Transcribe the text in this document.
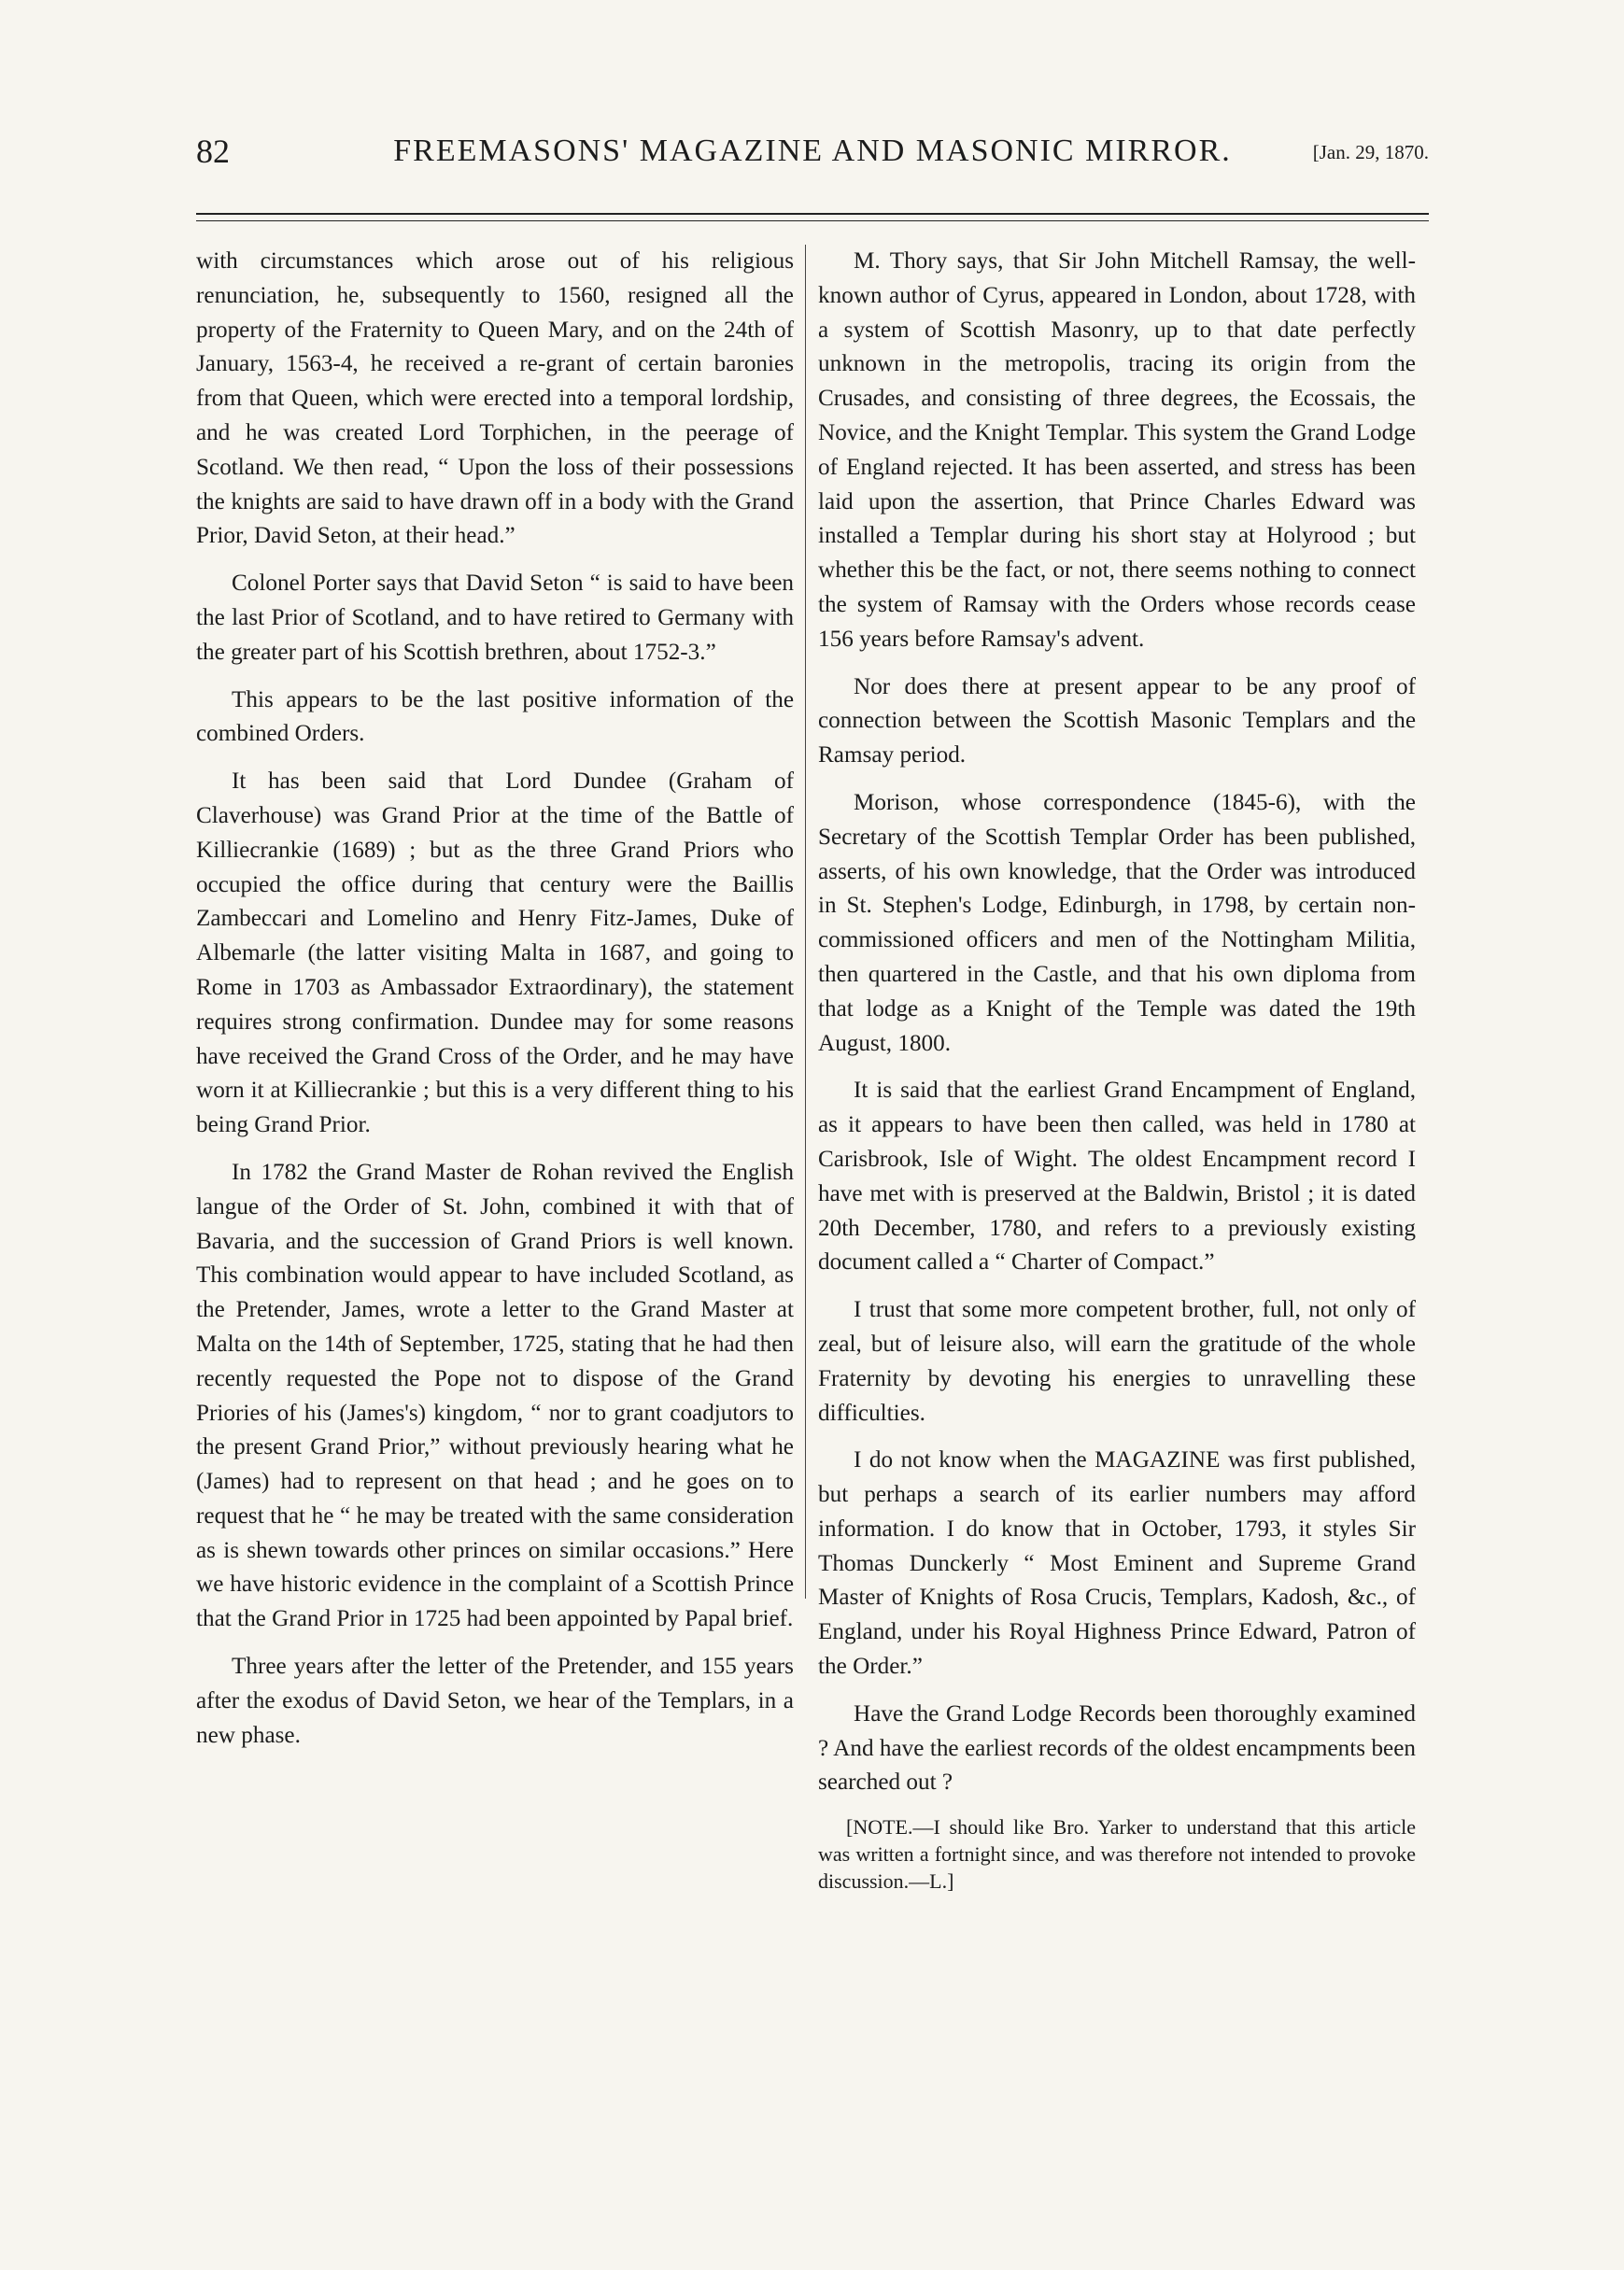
82	FREEMASONS' MAGAZINE AND MASONIC MIRROR.	[Jan. 29, 1870.

with circumstances which arose out of his religious renunciation, he, subsequently to 1560, resigned all the property of the Fraternity to Queen Mary, and on the 24th of January, 1563-4, he received a re-grant of certain baronies from that Queen, which were erected into a temporal lordship, and he was created Lord Torphichen, in the peerage of Scotland. We then read, “ Upon the loss of their possessions the knights are said to have drawn off in a body with the Grand Prior, David Seton, at their head.”

Colonel Porter says that David Seton “ is said to have been the last Prior of Scotland, and to have retired to Germany with the greater part of his Scottish brethren, about 1752-3.”

This appears to be the last positive information of the combined Orders.

It has been said that Lord Dundee (Graham of Claverhouse) was Grand Prior at the time of the Battle of Killiecrankie (1689) ; but as the three Grand Priors who occupied the office during that century were the Baillis Zambeccari and Lomelino and Henry Fitz-James, Duke of Albemarle (the latter visiting Malta in 1687, and going to Rome in 1703 as Ambassador Extraordinary), the statement requires strong confirmation. Dundee may for some reasons have received the Grand Cross of the Order, and he may have worn it at Killiecrankie ; but this is a very different thing to his being Grand Prior.

In 1782 the Grand Master de Rohan revived the English langue of the Order of St. John, combined it with that of Bavaria, and the succession of Grand Priors is well known. This combination would appear to have included Scotland, as the Pretender, James, wrote a letter to the Grand Master at Malta on the 14th of September, 1725, stating that he had then recently requested the Pope not to dispose of the Grand Priories of his (James's) kingdom, “ nor to grant coadjutors to the present Grand Prior,” without previously hearing what he (James) had to represent on that head ; and he goes on to request that he “ he may be treated with the same consideration as is shewn towards other princes on similar occasions.” Here we have historic evidence in the complaint of a Scottish Prince that the Grand Prior in 1725 had been appointed by Papal brief.

Three years after the letter of the Pretender, and 155 years after the exodus of David Seton, we hear of the Templars, in a new phase.

M. Thory says, that Sir John Mitchell Ramsay, the well-known author of Cyrus, appeared in London, about 1728, with a system of Scottish Masonry, up to that date perfectly unknown in the metropolis, tracing its origin from the Crusades, and consisting of three degrees, the Ecossais, the Novice, and the Knight Templar. This system the Grand Lodge of England rejected. It has been asserted, and stress has been laid upon the assertion, that Prince Charles Edward was installed a Templar during his short stay at Holyrood ; but whether this be the fact, or not, there seems nothing to connect the system of Ramsay with the Orders whose records cease 156 years before Ramsay's advent.

Nor does there at present appear to be any proof of connection between the Scottish Masonic Templars and the Ramsay period.

Morison, whose correspondence (1845-6), with the Secretary of the Scottish Templar Order has been published, asserts, of his own knowledge, that the Order was introduced in St. Stephen's Lodge, Edinburgh, in 1798, by certain non-commissioned officers and men of the Nottingham Militia, then quartered in the Castle, and that his own diploma from that lodge as a Knight of the Temple was dated the 19th August, 1800.

It is said that the earliest Grand Encampment of England, as it appears to have been then called, was held in 1780 at Carisbrook, Isle of Wight. The oldest Encampment record I have met with is preserved at the Baldwin, Bristol ; it is dated 20th December, 1780, and refers to a previously existing document called a “ Charter of Compact.”

I trust that some more competent brother, full, not only of zeal, but of leisure also, will earn the gratitude of the whole Fraternity by devoting his energies to unravelling these difficulties.

I do not know when the MAGAZINE was first published, but perhaps a search of its earlier numbers may afford information. I do know that in October, 1793, it styles Sir Thomas Dunckerly “ Most Eminent and Supreme Grand Master of Knights of Rosa Crucis, Templars, Kadosh, &c., of England, under his Royal Highness Prince Edward, Patron of the Order.”

Have the Grand Lodge Records been thoroughly examined ? And have the earliest records of the oldest encampments been searched out ?

[NOTE.—I should like Bro. Yarker to understand that this article was written a fortnight since, and was therefore not intended to provoke discussion.—L.]
